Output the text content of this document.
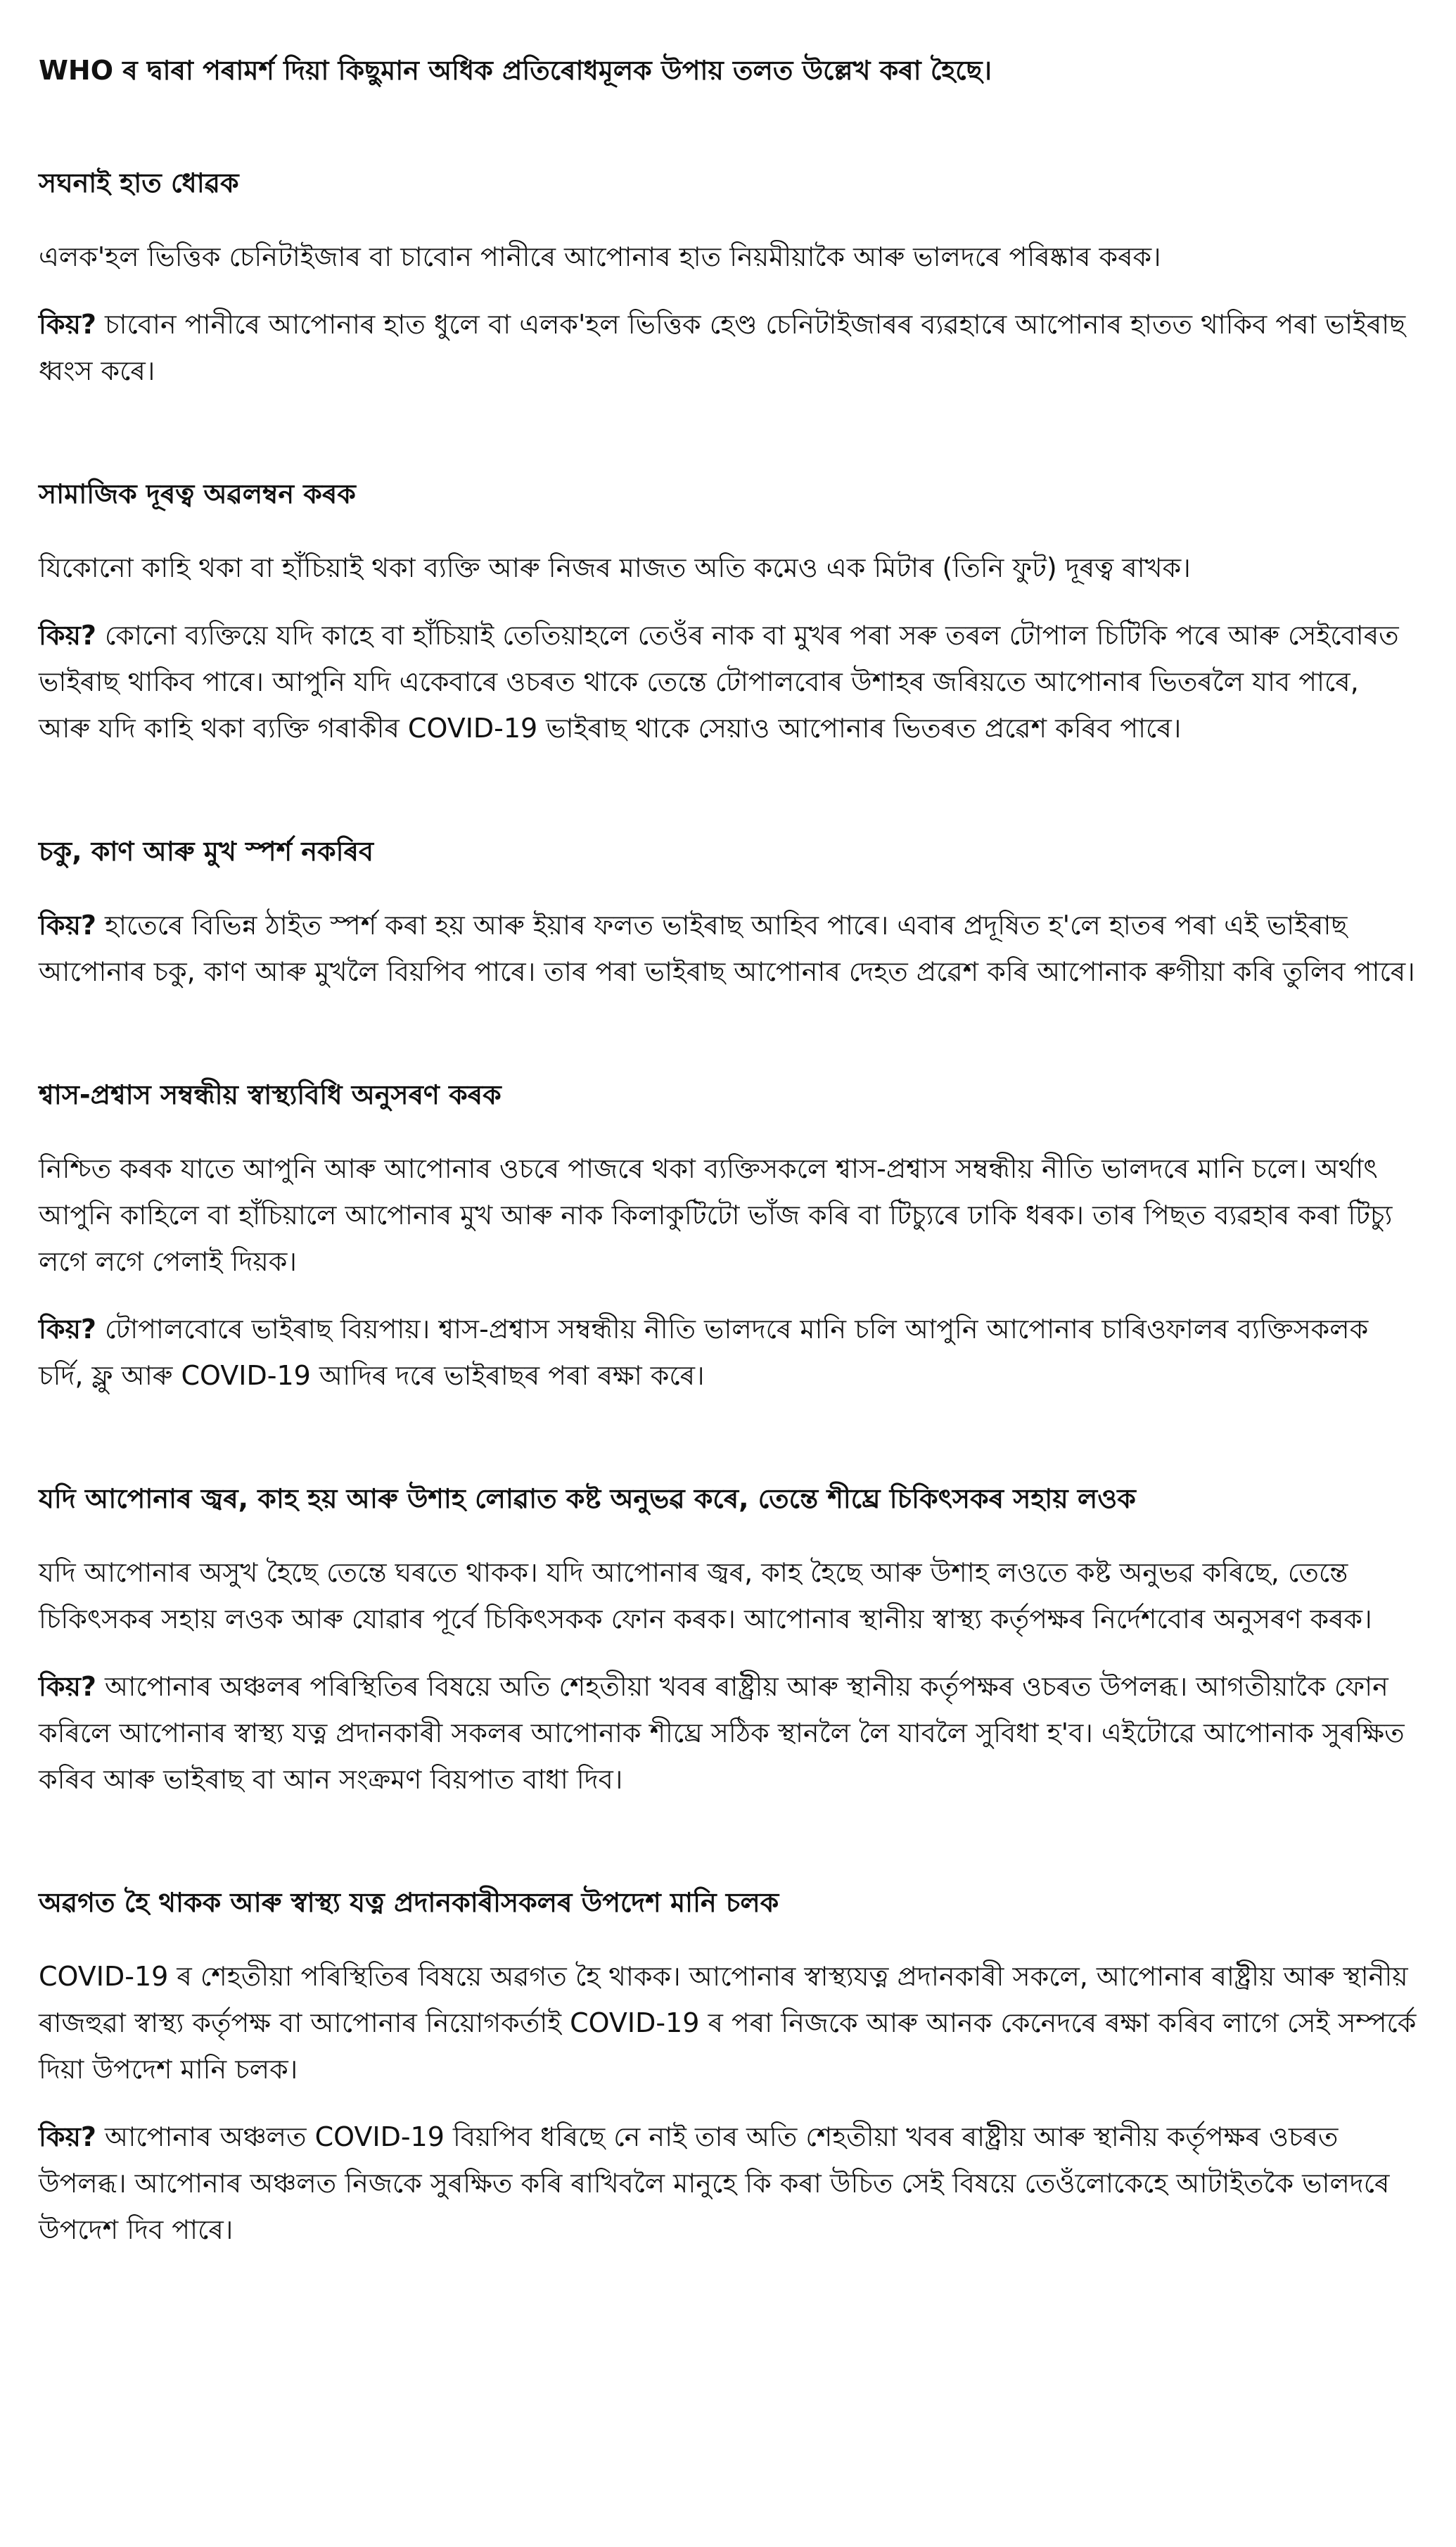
WHO ৰ দ্বাৰা পৰামৰ্শ দিয়া কিছুমান অধিক প্ৰতিৰোধমূলক উপায় তলত উল্লেখ কৰা হৈছে।

সঘনাই হাত ধোৱক

এলক'হল ভিত্তিক চেনিটাইজাৰ বা চাবোন পানীৰে আপোনাৰ হাত নিয়মীয়াকৈ আৰু ভালদৰে পৰিষ্কাৰ কৰক।

কিয়? চাবোন পানীৰে আপোনাৰ হাত ধুলে বা এলক'হল ভিত্তিক হেণ্ড চেনিটাইজাৰৰ ব্যৱহাৰে আপোনাৰ হাতত থাকিব পৰা ভাইৰাছ ধ্বংস কৰে।

সামাজিক দূৰত্ব অৱলম্বন কৰক

যিকোনো কাহি থকা বা হাঁচিয়াই থকা ব্যক্তি আৰু নিজৰ মাজত অতি কমেও এক মিটাৰ (তিনি ফুট) দূৰত্ব ৰাখক।

কিয়? কোনো ব্যক্তিয়ে যদি কাহে বা হাঁচিয়াই তেতিয়াহলে তেওঁৰ নাক বা মুখৰ পৰা সৰু তৰল টোপাল চিটিকি পৰে আৰু সেইবোৰত ভাইৰাছ থাকিব পাৰে। আপুনি যদি একেবাৰে ওচৰত থাকে তেন্তে টোপালবোৰ উশাহৰ জৰিয়তে আপোনাৰ ভিতৰলৈ যাব পাৰে, আৰু যদি কাহি থকা ব্যক্তি গৰাকীৰ COVID-19 ভাইৰাছ থাকে সেয়াও আপোনাৰ ভিতৰত প্ৰৱেশ কৰিব পাৰে।

চকু, কাণ আৰু মুখ স্পৰ্শ নকৰিব

কিয়? হাতেৰে বিভিন্ন ঠাইত স্পৰ্শ কৰা হয় আৰু ইয়াৰ ফলত ভাইৰাছ আহিব পাৰে। এবাৰ প্ৰদূষিত হ'লে হাতৰ পৰা এই ভাইৰাছ আপোনাৰ চকু, কাণ আৰু মুখলৈ বিয়পিব পাৰে। তাৰ পৰা ভাইৰাছ আপোনাৰ দেহত প্ৰৱেশ কৰি আপোনাক ৰুগীয়া কৰি তুলিব পাৰে।

শ্বাস-প্ৰশ্বাস সম্বন্ধীয় স্বাস্থ্যবিধি অনুসৰণ কৰক

নিশ্চিত কৰক যাতে আপুনি আৰু আপোনাৰ ওচৰে পাজৰে থকা ব্যক্তিসকলে শ্বাস-প্ৰশ্বাস সম্বন্ধীয় নীতি ভালদৰে মানি চলে। অৰ্থাৎ আপুনি কাহিলে বা হাঁচিয়ালে আপোনাৰ মুখ আৰু নাক কিলাকুটিটো ভাঁজ কৰি বা টিচ্যুৰে ঢাকি ধৰক। তাৰ পিছত ব্যৱহাৰ কৰা টিচ্যু লগে লগে পেলাই দিয়ক।

কিয়? টোপালবোৰে ভাইৰাছ বিয়পায়। শ্বাস-প্ৰশ্বাস সম্বন্ধীয় নীতি ভালদৰে মানি চলি আপুনি আপোনাৰ চাৰিওফালৰ ব্যক্তিসকলক চৰ্দি, ফ্লু আৰু COVID-19 আদিৰ দৰে ভাইৰাছৰ পৰা ৰক্ষা কৰে।

যদি আপোনাৰ জ্বৰ, কাহ হয় আৰু উশাহ লোৱাত কষ্ট অনুভৱ কৰে, তেন্তে শীঘ্ৰে চিকিৎসকৰ সহায় লওক

যদি আপোনাৰ অসুখ হৈছে তেন্তে ঘৰতে থাকক। যদি আপোনাৰ জ্বৰ, কাহ হৈছে আৰু উশাহ লওতে কষ্ট অনুভৱ কৰিছে, তেন্তে চিকিৎসকৰ সহায় লওক আৰু যোৱাৰ পূৰ্বে চিকিৎসকক ফোন কৰক। আপোনাৰ স্থানীয় স্বাস্থ্য কৰ্তৃপক্ষৰ নিৰ্দেশবোৰ অনুসৰণ কৰক।

কিয়? আপোনাৰ অঞ্চলৰ পৰিস্থিতিৰ বিষয়ে অতি শেহতীয়া খবৰ ৰাষ্ট্ৰীয় আৰু স্থানীয় কৰ্তৃপক্ষৰ ওচৰত উপলব্ধ। আগতীয়াকৈ ফোন কৰিলে আপোনাৰ স্বাস্থ্য যত্ন প্ৰদানকাৰী সকলৰ আপোনাক শীঘ্ৰে সঠিক স্থানলৈ লৈ যাবলৈ সুবিধা হ'ব। এইটোৱে আপোনাক সুৰক্ষিত কৰিব আৰু ভাইৰাছ বা আন সংক্ৰমণ বিয়পাত বাধা দিব।

অৱগত হৈ থাকক আৰু স্বাস্থ্য যত্ন প্ৰদানকাৰীসকলৰ উপদেশ মানি চলক

COVID-19 ৰ শেহতীয়া পৰিস্থিতিৰ বিষয়ে অৱগত হৈ থাকক। আপোনাৰ স্বাস্থ্যযত্ন প্ৰদানকাৰী সকলে, আপোনাৰ ৰাষ্ট্ৰীয় আৰু স্থানীয় ৰাজহুৱা স্বাস্থ্য কৰ্তৃপক্ষ বা আপোনাৰ নিয়োগকৰ্তাই COVID-19 ৰ পৰা নিজকে আৰু আনক কেনেদৰে ৰক্ষা কৰিব লাগে সেই সম্পৰ্কে দিয়া উপদেশ মানি চলক।

কিয়? আপোনাৰ অঞ্চলত COVID-19 বিয়পিব ধৰিছে নে নাই তাৰ অতি শেহতীয়া খবৰ ৰাষ্ট্ৰীয় আৰু স্থানীয় কৰ্তৃপক্ষৰ ওচৰত উপলব্ধ। আপোনাৰ অঞ্চলত নিজকে সুৰক্ষিত কৰি ৰাখিবলৈ মানুহে কি কৰা উচিত সেই বিষয়ে তেওঁলোকেহে আটাইতকৈ ভালদৰে উপদেশ দিব পাৰে।
